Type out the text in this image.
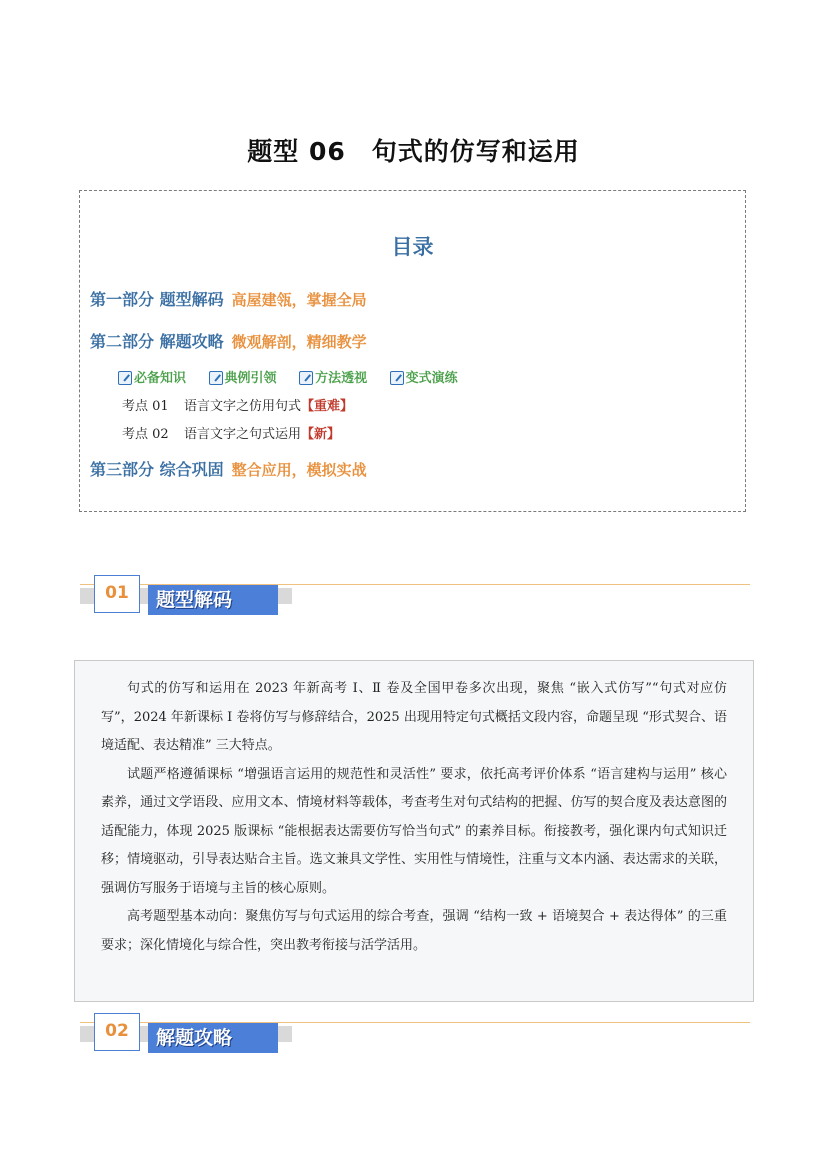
题型 06　句式的仿写和运用
目录
第一部分 题型解码 高屋建瓴，掌握全局
第二部分 解题攻略 微观解剖，精细教学
必备知识	典例引领	方法透视	变式演练
考点 01 语言文字之仿用句式【重难】
考点 02 语言文字之句式运用【新】
第三部分 综合巩固 整合应用，模拟实战
01	题型解码

句式的仿写和运用在 2023 年新高考 Ⅰ、Ⅱ 卷及全国甲卷多次出现，聚焦 “嵌入式仿写”“句式对应仿写”，2024 年新课标 Ⅰ 卷将仿写与修辞结合，2025 出现用特定句式概括文段内容，命题呈现 “形式契合、语境适配、表达精准” 三大特点。

试题严格遵循课标 “增强语言运用的规范性和灵活性” 要求，依托高考评价体系 “语言建构与运用” 核心素养，通过文学语段、应用文本、情境材料等载体，考查考生对句式结构的把握、仿写的契合度及表达意图的适配能力，体现 2025 版课标 “能根据表达需要仿写恰当句式” 的素养目标。衔接教考，强化课内句式知识迁移；情境驱动，引导表达贴合主旨。选文兼具文学性、实用性与情境性，注重与文本内涵、表达需求的关联，强调仿写服务于语境与主旨的核心原则。

高考题型基本动向：聚焦仿写与句式运用的综合考查，强调 “结构一致 + 语境契合 + 表达得体” 的三重要求；深化情境化与综合性，突出教考衔接与活学活用。

02	解题攻略
